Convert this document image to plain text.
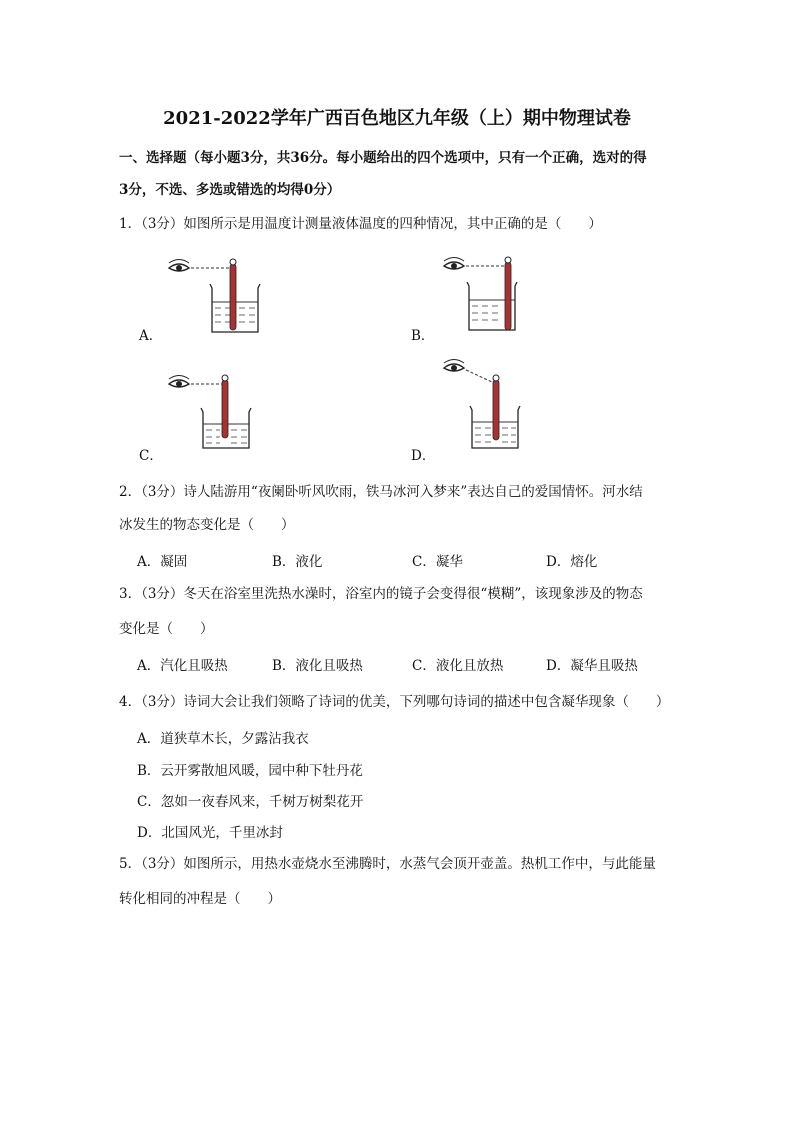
2021-2022学年广西百色地区九年级（上）期中物理试卷
一、选择题（每小题3分，共36分。每小题给出的四个选项中，只有一个正确，选对的得
3分，不选、多选或错选的均得0分）
1．（3分）如图所示是用温度计测量液体温度的四种情况，其中正确的是（　　）
A．	B．
C．	D．
2．（3分）诗人陆游用“夜阑卧听风吹雨，铁马冰河入梦来”表达自己的爱国情怀。河水结
冰发生的物态变化是（　　）
A．凝固	B．液化	C．凝华	D．熔化
3．（3分）冬天在浴室里洗热水澡时，浴室内的镜子会变得很“模糊”，该现象涉及的物态
变化是（　　）
A．汽化且吸热	B．液化且吸热	C．液化且放热	D．凝华且吸热
4．（3分）诗词大会让我们领略了诗词的优美，下列哪句诗词的描述中包含凝华现象（　　）
A．道狭草木长，夕露沾我衣
B．云开雾散旭风暖，园中种下牡丹花
C．忽如一夜春风来，千树万树梨花开
D．北国风光，千里冰封
5．（3分）如图所示，用热水壶烧水至沸腾时，水蒸气会顶开壶盖。热机工作中，与此能量
转化相同的冲程是（　　）
